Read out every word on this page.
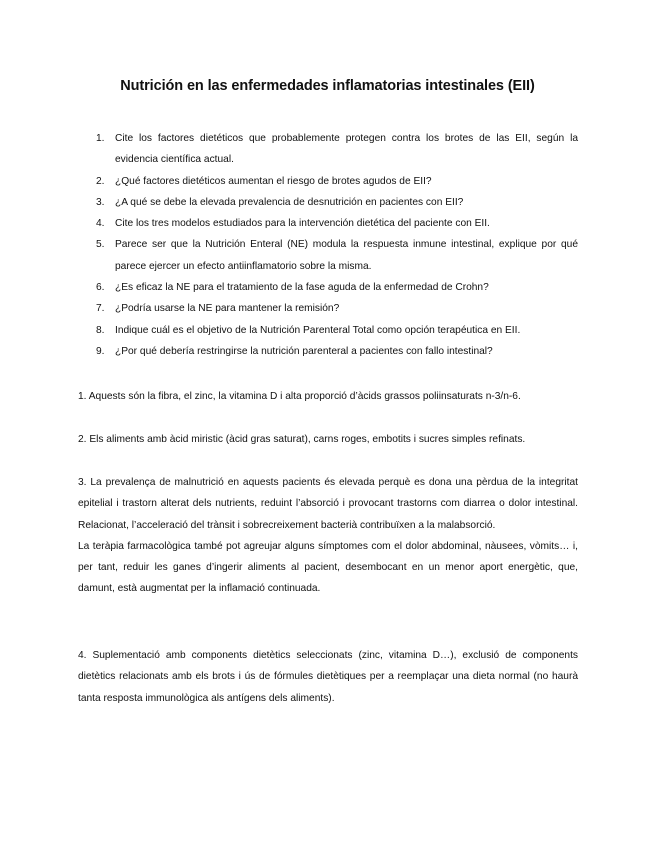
Nutrición en las enfermedades inflamatorias intestinales (EII)
1.	Cite los factores dietéticos que probablemente protegen contra los brotes de las EII, según la evidencia científica actual.
2.	¿Qué factores dietéticos aumentan el riesgo de brotes agudos de EII?
3.	¿A qué se debe la elevada prevalencia de desnutrición en pacientes con EII?
4.	Cite los tres modelos estudiados para la intervención dietética del paciente con EII.
5.	Parece ser que la Nutrición Enteral (NE) modula la respuesta inmune intestinal, explique por qué parece ejercer un efecto antiinflamatorio sobre la misma.
6.	¿Es eficaz la NE para el tratamiento de la fase aguda de la enfermedad de Crohn?
7.	¿Podría usarse la NE para mantener la remisión?
8.	Indique cuál es el objetivo de la Nutrición Parenteral Total como opción terapéutica en EII.
9.	¿Por qué debería restringirse la nutrición parenteral a pacientes con fallo intestinal?

1. Aquests són la fibra, el zinc, la vitamina D i alta proporció d’àcids grassos poliinsaturats n-3/n-6.

2. Els aliments amb àcid miristic (àcid gras saturat), carns roges, embotits i sucres simples refinats.

3. La prevalença de malnutrició en aquests pacients és elevada perquè es dona una pèrdua de la integritat epitelial i trastorn alterat dels nutrients, reduint l’absorció i provocant trastorns com diarrea o dolor intestinal. Relacionat, l’acceleració del trànsit i sobrecreixement bacterià contribuïxen a la malabsorció.

La teràpia farmacològica també pot agreujar alguns símptomes com el dolor abdominal, nàusees, vòmits… i, per tant, reduir les ganes d’ingerir aliments al pacient, desembocant en un menor aport energètic, que, damunt, està augmentat per la inflamació continuada.

4. Suplementació amb components dietètics seleccionats (zinc, vitamina D…), exclusió de components dietètics relacionats amb els brots i ús de fórmules dietètiques per a reemplaçar una dieta normal (no haurà tanta resposta immunològica als antígens dels aliments).
